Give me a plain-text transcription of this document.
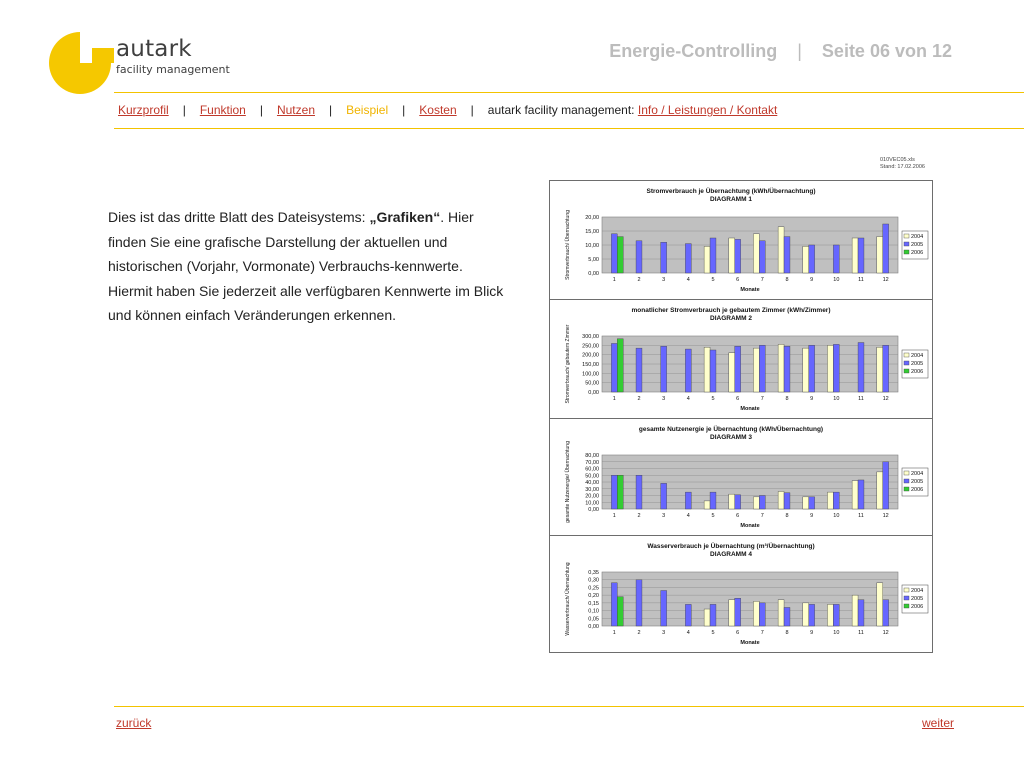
autark
facility management
Energie-Controlling | Seite 06 von 12
Kurzprofil | Funktion | Nutzen | Beispiel | Kosten | autark facility management: Info / Leistungen / Kontakt
Dies ist das dritte Blatt des Dateisystems: „Grafiken“. Hier finden Sie eine grafische Darstellung der aktuellen und historischen (Vorjahr, Vormonate) Verbrauchs-kennwerte. Hiermit haben Sie jederzeit alle verfügbaren Kennwerte im Blick und können einfach Veränderungen erkennen.
010VEC05.xls
Stand: 17.02.2006
Stromverbrauch je Übernachtung (kWh/Übernachtung)
DIAGRAMM 1
0,00
5,00
10,00
15,00
20,00
Stromverbrauch/ Übernachtung
1	2	3	4	5	6	7	8	9	10	11	12
Monate
2004
2005
2006
monatlicher Stromverbrauch je gebautem Zimmer (kWh/Zimmer)
DIAGRAMM 2
0,00
50,00
100,00
150,00
200,00
250,00
300,00
Stromverbrauch/ gebautem Zimmer	1	2	3	4	5	6	7	8	9	10	11	12
Monate
2004
2005
2006
gesamte Nutzenergie je Übernachtung (kWh/Übernachtung)
DIAGRAMM 3
0,00
10,00
20,00
30,00
40,00
50,00
60,00
70,00
80,00
gesamte Nutzenergie/ Übernachtung	1	2	3	4	5	6	7	8	9	10	11	12
Monate
2004
2005
2006
Wasserverbrauch je Übernachtung (m³/Übernachtung)
DIAGRAMM 4
0,00
0,05
0,10
0,15
0,20
0,25
0,30
0,35
Wasserverbrauch/ Übernachtung	1	2	3	4	5	6	7	8	9	10	11	12
Monate
2004
2005
2006
zurück	weiter
